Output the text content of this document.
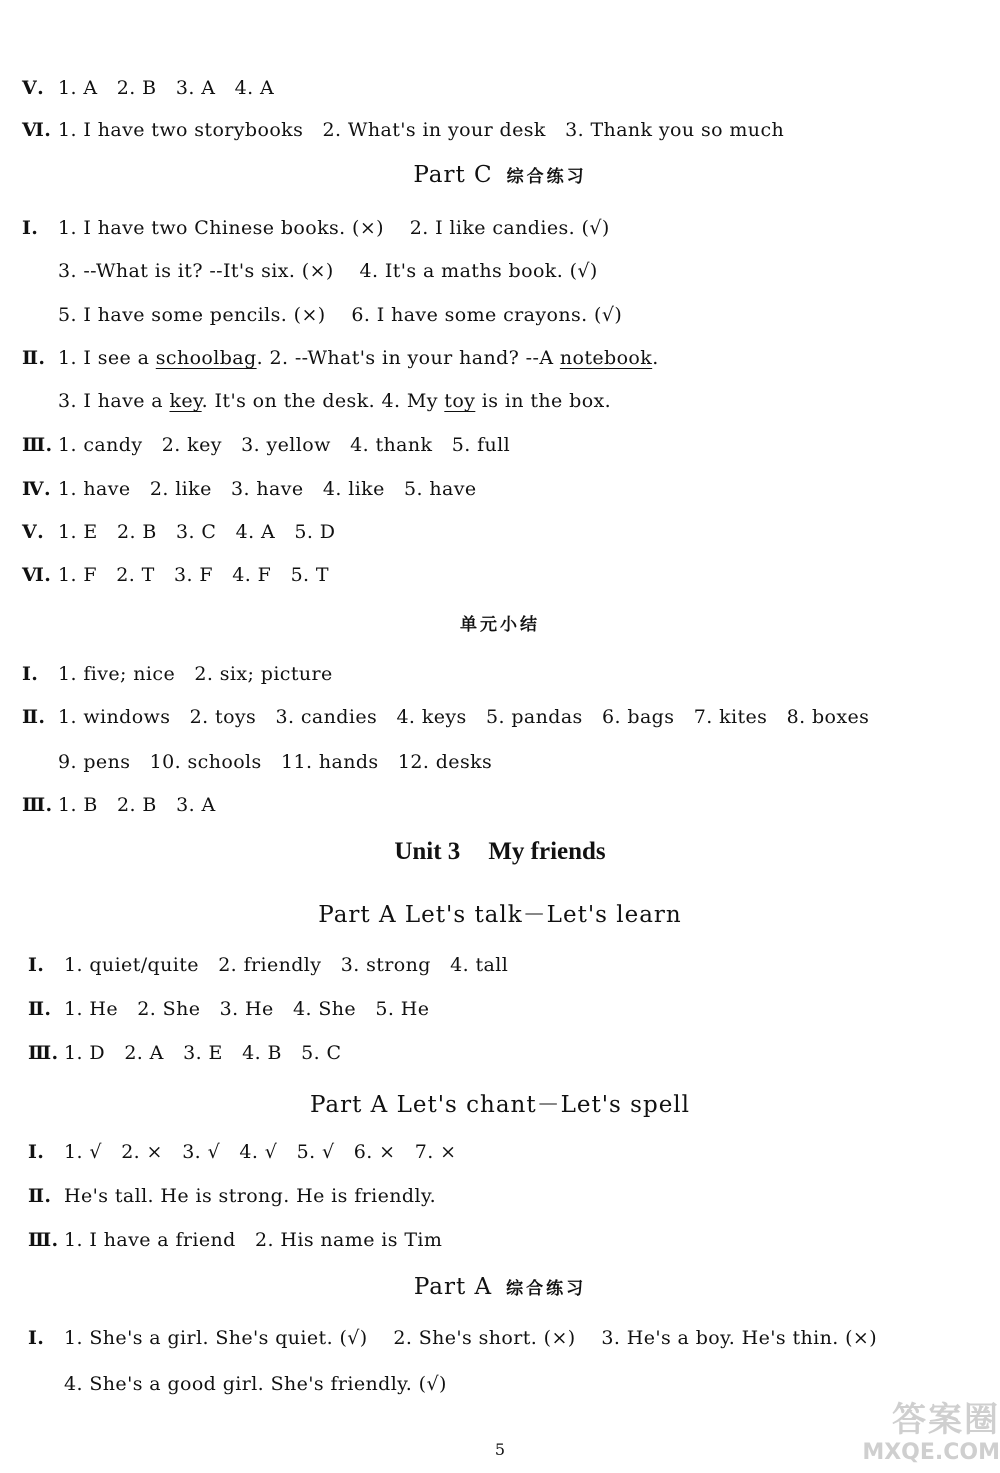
Ⅴ. 1. A   2. B   3. A   4. A
Ⅵ. 1. I have two storybooks   2. What's in your desk   3. Thank you so much
Ⅰ. 1. I have two Chinese books. (×)    2. I like candies. (√)
3. --What is it? --It's six. (×)    4. It's a maths book. (√)
5. I have some pencils. (×)    6. I have some crayons. (√)
Ⅲ. 1. candy   2. key   3. yellow   4. thank   5. full
Ⅳ. 1. have   2. like   3. have   4. like   5. have
Ⅴ. 1. E   2. B   3. C   4. A   5. D
Ⅵ. 1. F   2. T   3. F   4. F   5. T
Ⅰ. 1. five; nice   2. six; picture
Ⅱ. 1. windows   2. toys   3. candies   4. keys   5. pandas   6. bags   7. kites   8. boxes
9. pens   10. schools   11. hands   12. desks
Ⅲ. 1. B   2. B   3. A
Ⅰ. 1. quiet/quite   2. friendly   3. strong   4. tall
Ⅱ. 1. He   2. She   3. He   4. She   5. He
Ⅲ. 1. D   2. A   3. E   4. B   5. C
Ⅰ. 1. √   2. ×   3. √   4. √   5. √   6. ×   7. ×
Ⅱ. He's tall. He is strong. He is friendly.
Ⅲ. 1. I have a friend   2. His name is Tim
Ⅰ. 1. She's a girl. She's quiet. (√)    2. She's short. (×)    3. He's a boy. He's thin. (×)
4. She's a good girl. She's friendly. (√)
Part C 综合练习
Ⅱ. 1. I see a schoolbag. 2. --What's in your hand? --A notebook.
3. I have a key. It's on the desk. 4. My toy is in the box.
单元小结
Unit 3 My friends
Part A Let's talk－Let's learn
Part A Let's chant－Let's spell
Part A 综合练习
5
答案圈
MXQE.COM
